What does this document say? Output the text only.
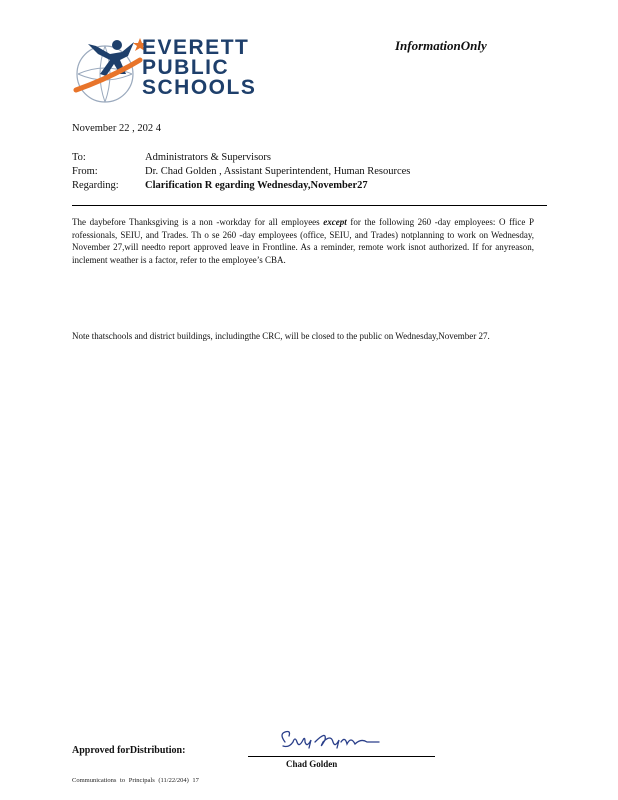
EVERETT
PUBLIC
SCHOOLS
InformationOnly
November 22 , 202 4
To:	Administrators & Supervisors
From:	Dr. Chad Golden , Assistant Superintendent, Human Resources
Regarding:	Clarification R egarding Wednesday,November27
The daybefore Thanksgiving is a non -workday for all employees except for the following 260 -day employees: O ffice P rofessionals, SEIU, and Trades. Th o se 260 -day employees (office, SEIU, and Trades) notplanning to work on Wednesday, November 27,will needto report approved leave in Frontline. As a reminder, remote work isnot authorized. If for anyreason, inclement weather is a factor, refer to the employee’s CBA.
Note thatschools and district buildings, includingthe CRC, will be closed to the public on Wednesday,November 27.
Approved forDistribution:
Chad Golden
Communications to Principals (11/22/204) 17
